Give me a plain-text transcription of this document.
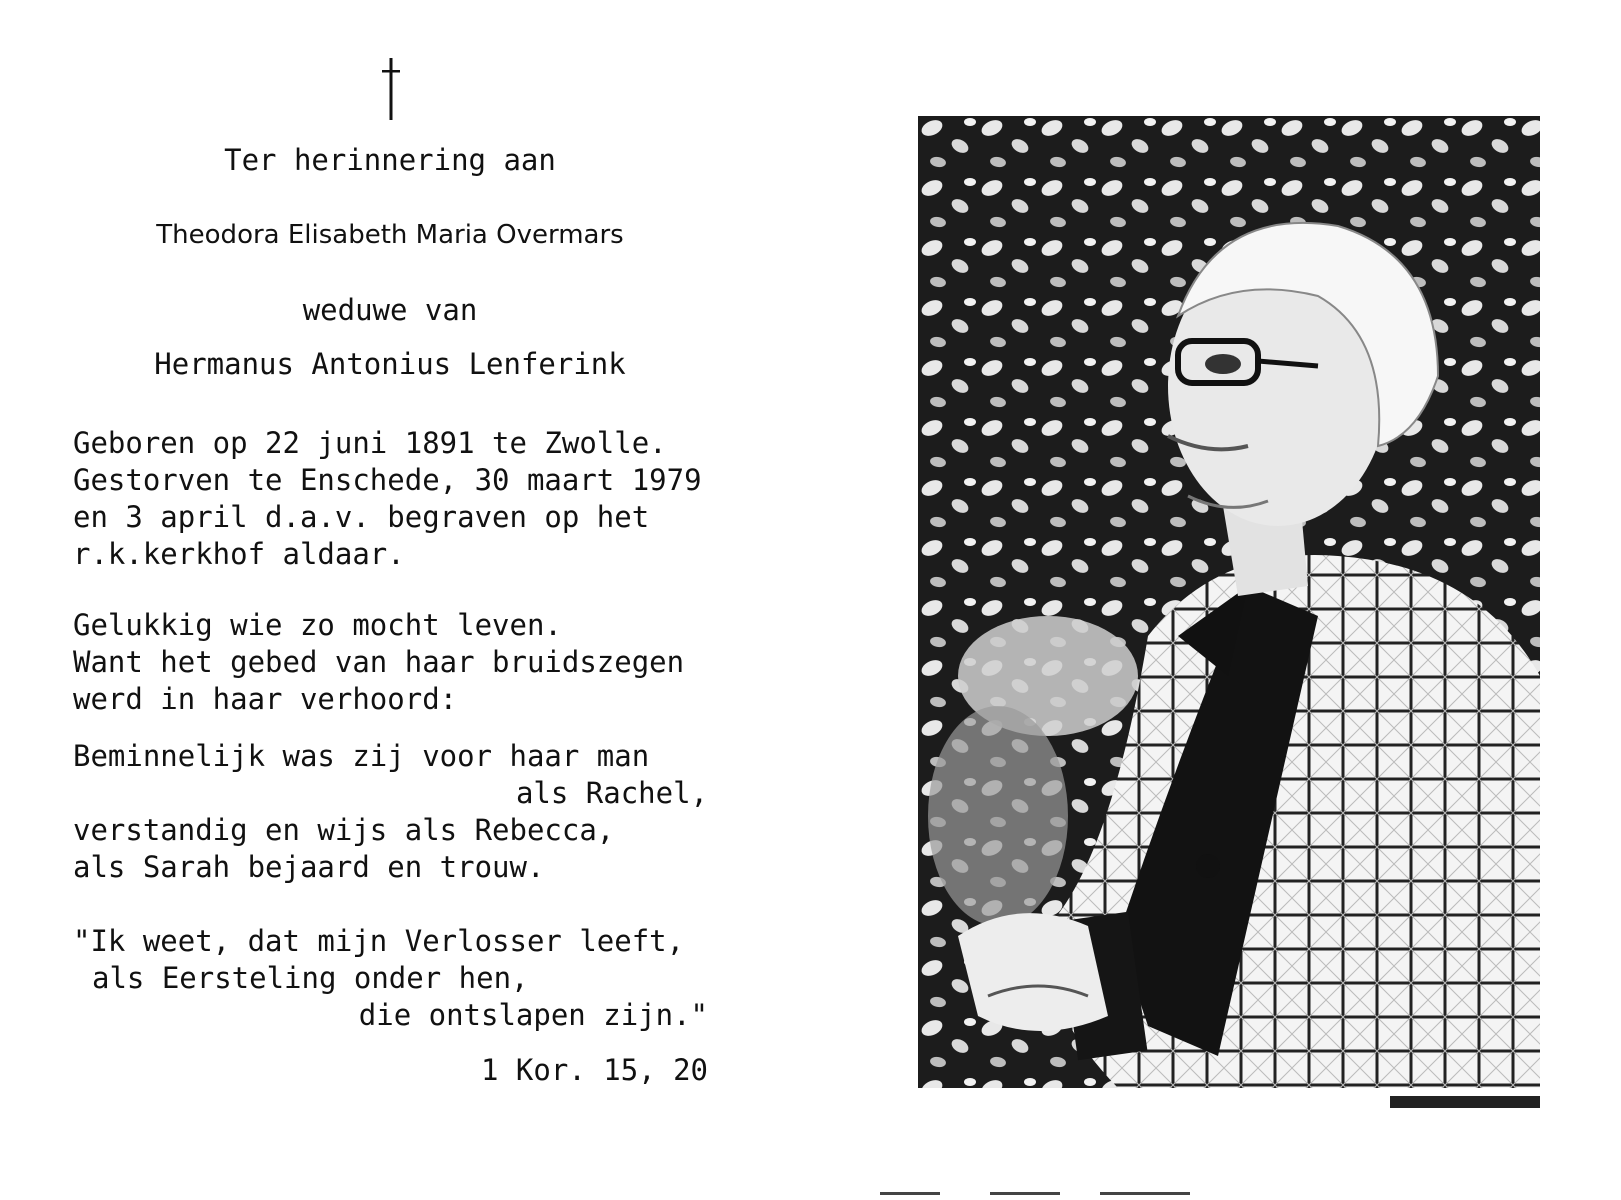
Ter herinnering aan
Theodora Elisabeth Maria Overmars
weduwe van
Hermanus Antonius Lenferink
Geboren op 22 juni 1891 te Zwolle.
Gestorven te Enschede, 30 maart 1979
en 3 april d.a.v. begraven op het
r.k.kerkhof aldaar.
Gelukkig wie zo mocht leven.
Want het gebed van haar bruidszegen
werd in haar verhoord:
Beminnelijk was zij voor haar man
als Rachel,
verstandig en wijs als Rebecca,
als Sarah bejaard en trouw.
"Ik weet, dat mijn Verlosser leeft,
als Eersteling onder hen,
die ontslapen zijn."
1 Kor. 15, 20
